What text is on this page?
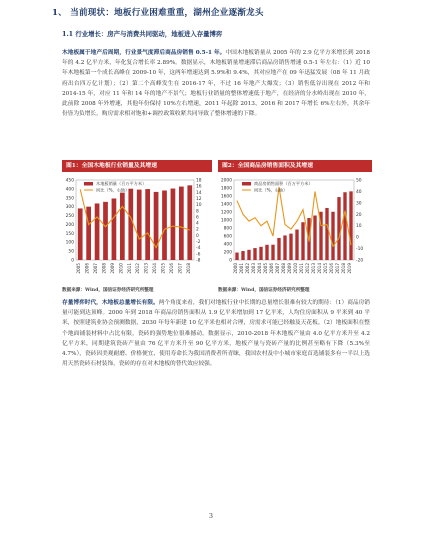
1、 当前现状：地板行业困难重重，湖州企业逐渐龙头
1.1 行业增长：房产与消费共同驱动，地板进入存量博弈
木地板属于地产后周期，行业景气度滞后商品房销售 0.5-1 年。中国木地板销量从 2005 年的 2.9 亿平方米增长到 2018 年的 4.2 亿平方米，年化复合增长率 2.89%。数据显示，木地板销量增速滞后商品房销售增速 0.5-1 年左右：（1）近 10 年木地板第一个成长高峰在 2009-10 年，这两年增速达到 5.9%和 9.4%，其对应地产在 09 年迅猛发展（08 年 11 月政府出台四万亿计划）；（2）第二个高峰发生在 2016-17 年，不过 16 年地产大爆发；（3）销售低谷出现在 2012 年和 2014-15 年，对应 11 年和 14 年的地产不景气；地板行业销量的整体增速低于地产，在经济的分水岭出现在 2010 年，此前除 2008 年外增速，其他年份保持 10%左右增速，2011 年起除 2013、2016 和 2017 年增长 6%左右外，其余年份皆为负增长，购房需求相对饱和+调控政策收紧共同导致了整体增速的下降。
图1：全国木地板行业销量及其增速	图2：全国商品房销售面积及其增速
0
50
100
150
200
250
300
350
400
450
-8
-6
-4
-2
0
2
4
6
8
10
12
14
16
18
2005 2006 2007 2008 2009 2010 2011 2012 2013 2014 2015 2016 2017 2018
木地板销量（百万平方米）
同比（%，右轴）
0
200
400
600
800
1000
1200
1400
1600
1800
2000
-20
-10
0
10
20
30
40
50
2000 2001 2002 2003 2004 2005 2006 2007 2008 2009 2010 2011 2012 2013 2014 2015 2016 2017 2018 2019
商品房销售面积（百万平方米）
同比（%，右轴）
数据来源：Wind，国信证券经济研究所整理	数据来源：Wind，国信证券经济研究所整理
存量博弈时代，木地板总量增长有限。两个角度来看，我们对地板行业中长期的总量增长很难有较大的期待：（1）商品房销量可能到达顶峰。2000 年到 2018 年商品房销售面积从 1.9 亿平米增加到 17 亿平米，人均住房面积从 9 平米到 40 平米，按照建筑业协会预测数据，2030 年每年新建 10 亿平米也相对合理，房需求可能已经触及天花板。（2）地板面积在整个地面铺装材料中占比有限，瓷砖的强势地位很难撼动。数据显示，2010-2018 年木地板产量由 4.0 亿平方米升至 4.2 亿平方米，同期建筑瓷砖产量由 76 亿平方米升至 90 亿平方米，地板产量与瓷砖产量的比例甚至略有下降（5.3%至 4.7%），瓷砖因美观耐磨、价格便宜、使用寿命长为我国消费者所青睐，我国农村及中小城市家庭首选铺装多有一半以上选用天然瓷砖石材装饰，瓷砖的存在对木地板的替代效应较强。
3
